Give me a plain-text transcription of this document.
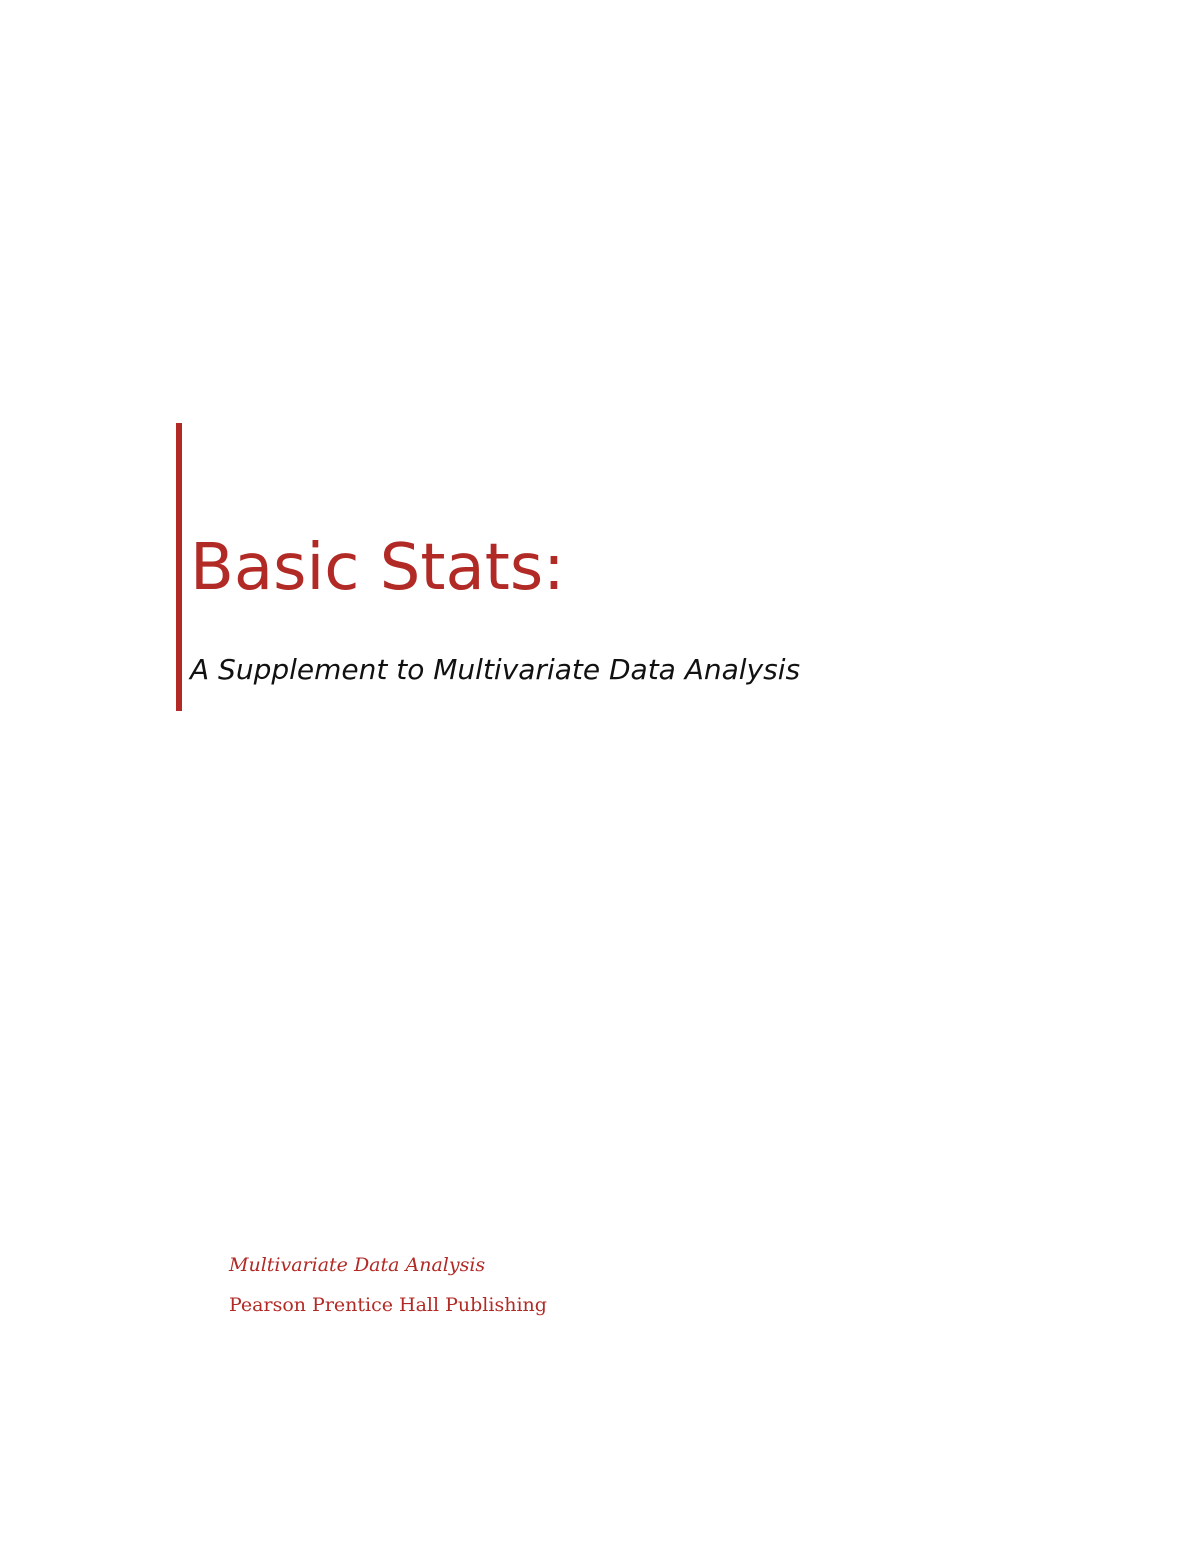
Basic Stats:

A Supplement to Multivariate Data Analysis

Multivariate Data Analysis

Pearson Prentice Hall Publishing
